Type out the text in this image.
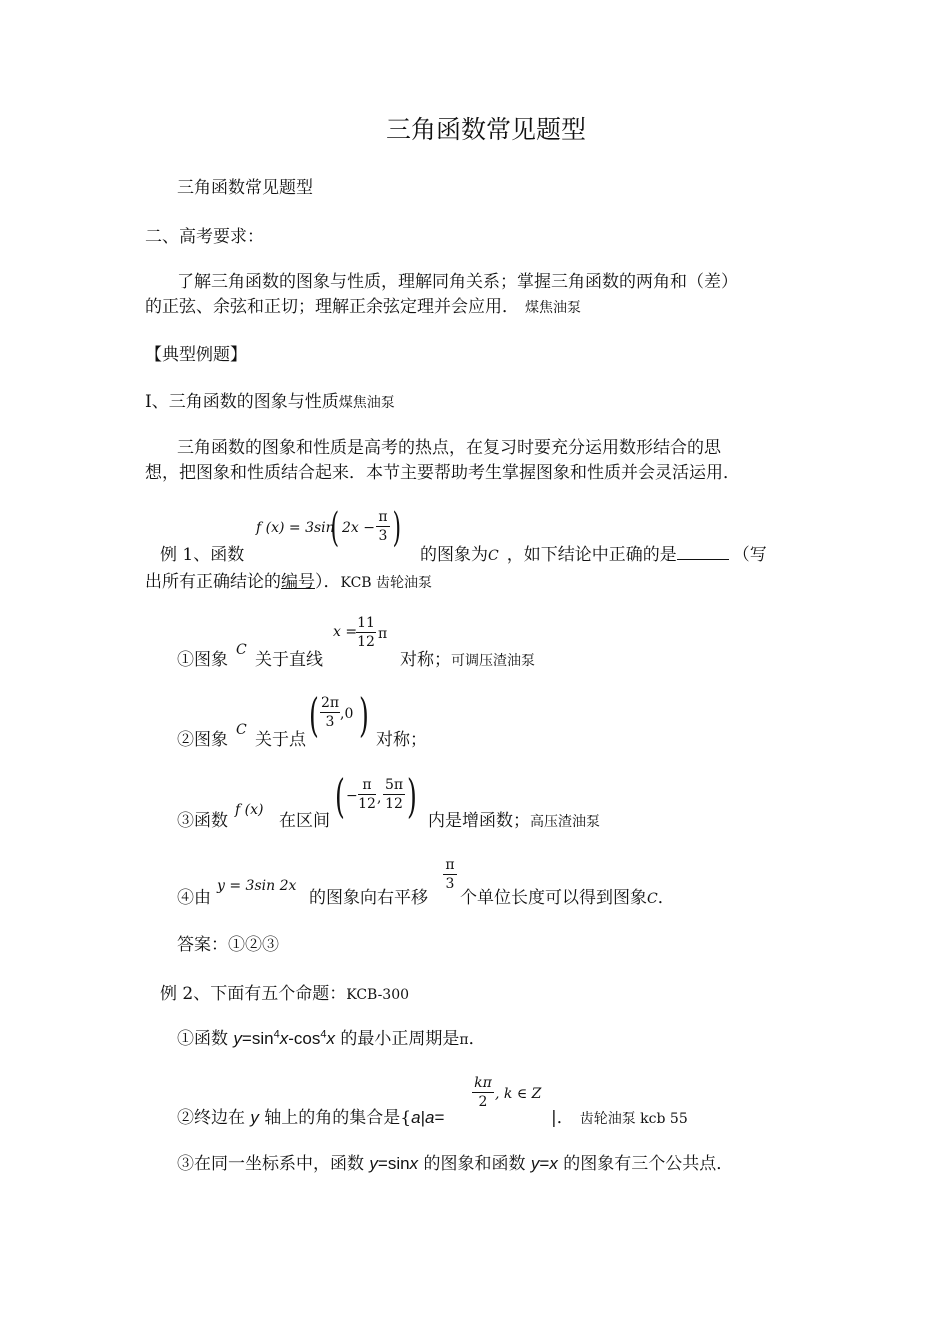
三角函数常见题型
三角函数常见题型
二、高考要求：
了解三角函数的图象与性质，理解同角关系；掌握三角函数的两角和（差）
的正弦、余弦和正切；理解正余弦定理并会应用． 煤焦油泵
【典型例题】
Ⅰ、三角函数的图象与性质煤焦油泵
三角函数的图象和性质是高考的热点，在复习时要充分运用数形结合的思
想，把图象和性质结合起来．本节主要帮助考生掌握图象和性质并会灵活运用．
例 1、函数
f (x) = 3sin
( 2x −
π
3 )
的图象为C ，如下结论中正确的是	（写
出所有正确结论的编号）．KCB 齿轮油泵
①图象 C 关于直线
x =
11
12 π
对称；可调压渣油泵
②图象 C 关于点 ( 2π
3 ,0 ) 对称；
③函数
f (x)
在区间 ( −
π
12 ,
5π
12 ) 内是增函数；高压渣油泵
④由
y = 3sin 2x
的图象向右平移
π
3
个单位长度可以得到图象C．
答案：①②③
例 2、下面有五个命题：KCB-300
①函数 $y=\sin^4x-\cos^4x$ 的最小正周期是π．
②终边在 y 轴上的角的集合是{a|a=
kπ
2 , k ∈ Z
|． 齿轮油泵 kcb 55
③在同一坐标系中，函数 y=sinx 的图象和函数 y=x 的图象有三个公共点．
